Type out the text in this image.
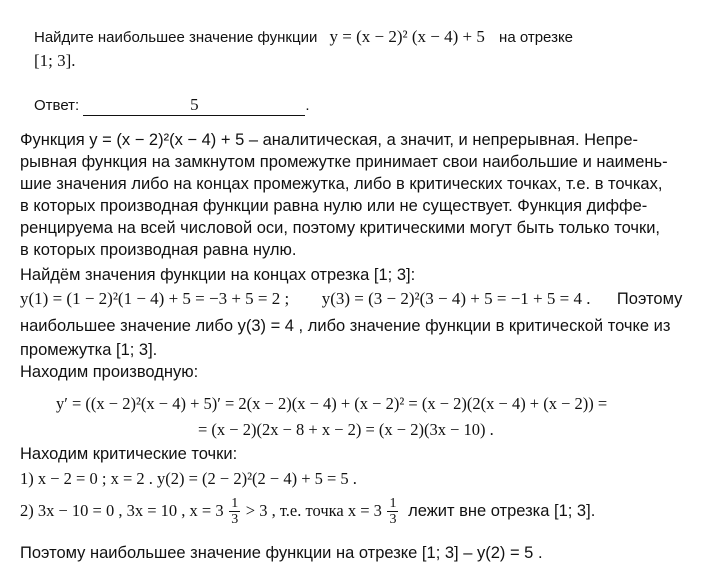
Найдите наибольшее значение функции y = (x − 2)² (x − 4) + 5 на отрезке
[1; 3].
Ответ:	5	.
Функция y = (x − 2)²(x − 4) + 5 – аналитическая, а значит, и непрерывная. Непре-
рывная функция на замкнутом промежутке принимает свои наибольшие и наимень-
шие значения либо на концах промежутка, либо в критических точках, т.е. в точках,
в которых производная функции равна нулю или не существует. Функция диффе-
ренцируема на всей числовой оси, поэтому критическими могут быть только точки,
в которых производная равна нулю.
Найдём значения функции на концах отрезка [1; 3]:
y(1) = (1 − 2)²(1 − 4) + 5 = −3 + 5 = 2 ; y(3) = (3 − 2)²(3 − 4) + 5 = −1 + 5 = 4 . Поэтому
наибольшее значение либо y(3) = 4 , либо значение функции в критической точке из
промежутка [1; 3].
Находим производную:
y′ = ((x − 2)²(x − 4) + 5)′ = 2(x − 2)(x − 4) + (x − 2)² = (x − 2)(2(x − 4) + (x − 2)) =
= (x − 2)(2x − 8 + x − 2) = (x − 2)(3x − 10) .
Находим критические точки:
1) x − 2 = 0 ; x = 2 . y(2) = (2 − 2)²(2 − 4) + 5 = 5 .
2) 3x − 10 = 0 , 3x = 10 , $x = 3 \frac{1}{3} > 3$ , т.е. точка $x = 3 \frac{1}{3}$ лежит вне отрезка [1; 3].
Поэтому наибольшее значение функции на отрезке [1; 3] – y(2) = 5 .
